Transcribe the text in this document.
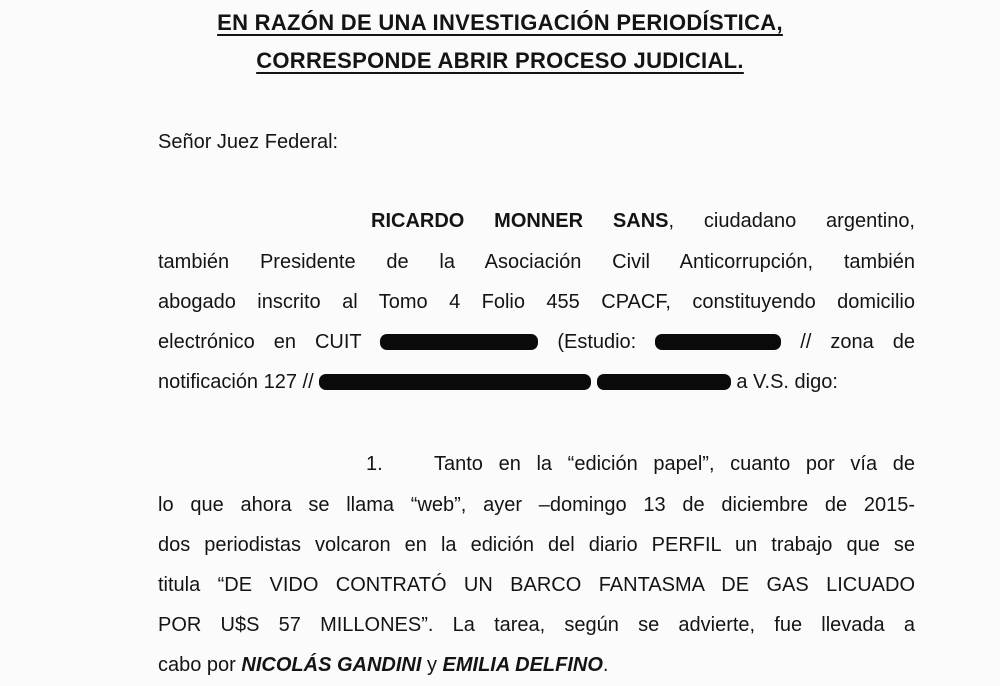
EN RAZÓN DE UNA INVESTIGACIÓN PERIODÍSTICA,
CORRESPONDE ABRIR PROCESO JUDICIAL.
Señor Juez Federal:
RICARDO MONNER SANS, ciudadano argentino,
también Presidente de la Asociación Civil Anticorrupción, también
abogado inscrito al Tomo 4 Folio 455 CPACF, constituyendo domicilio
electrónico en CUIT	(Estudio:	// zona de
notificación 127 //	a V.S. digo:
1.	Tanto en la “edición papel”, cuanto por vía de
lo que ahora se llama “web”, ayer –domingo 13 de diciembre de 2015-
dos periodistas volcaron en la edición del diario PERFIL un trabajo que se
titula “DE VIDO CONTRATÓ UN BARCO FANTASMA DE GAS LICUADO
POR U$S 57 MILLONES”. La tarea, según se advierte, fue llevada a
cabo por NICOLÁS GANDINI y EMILIA DELFINO.
